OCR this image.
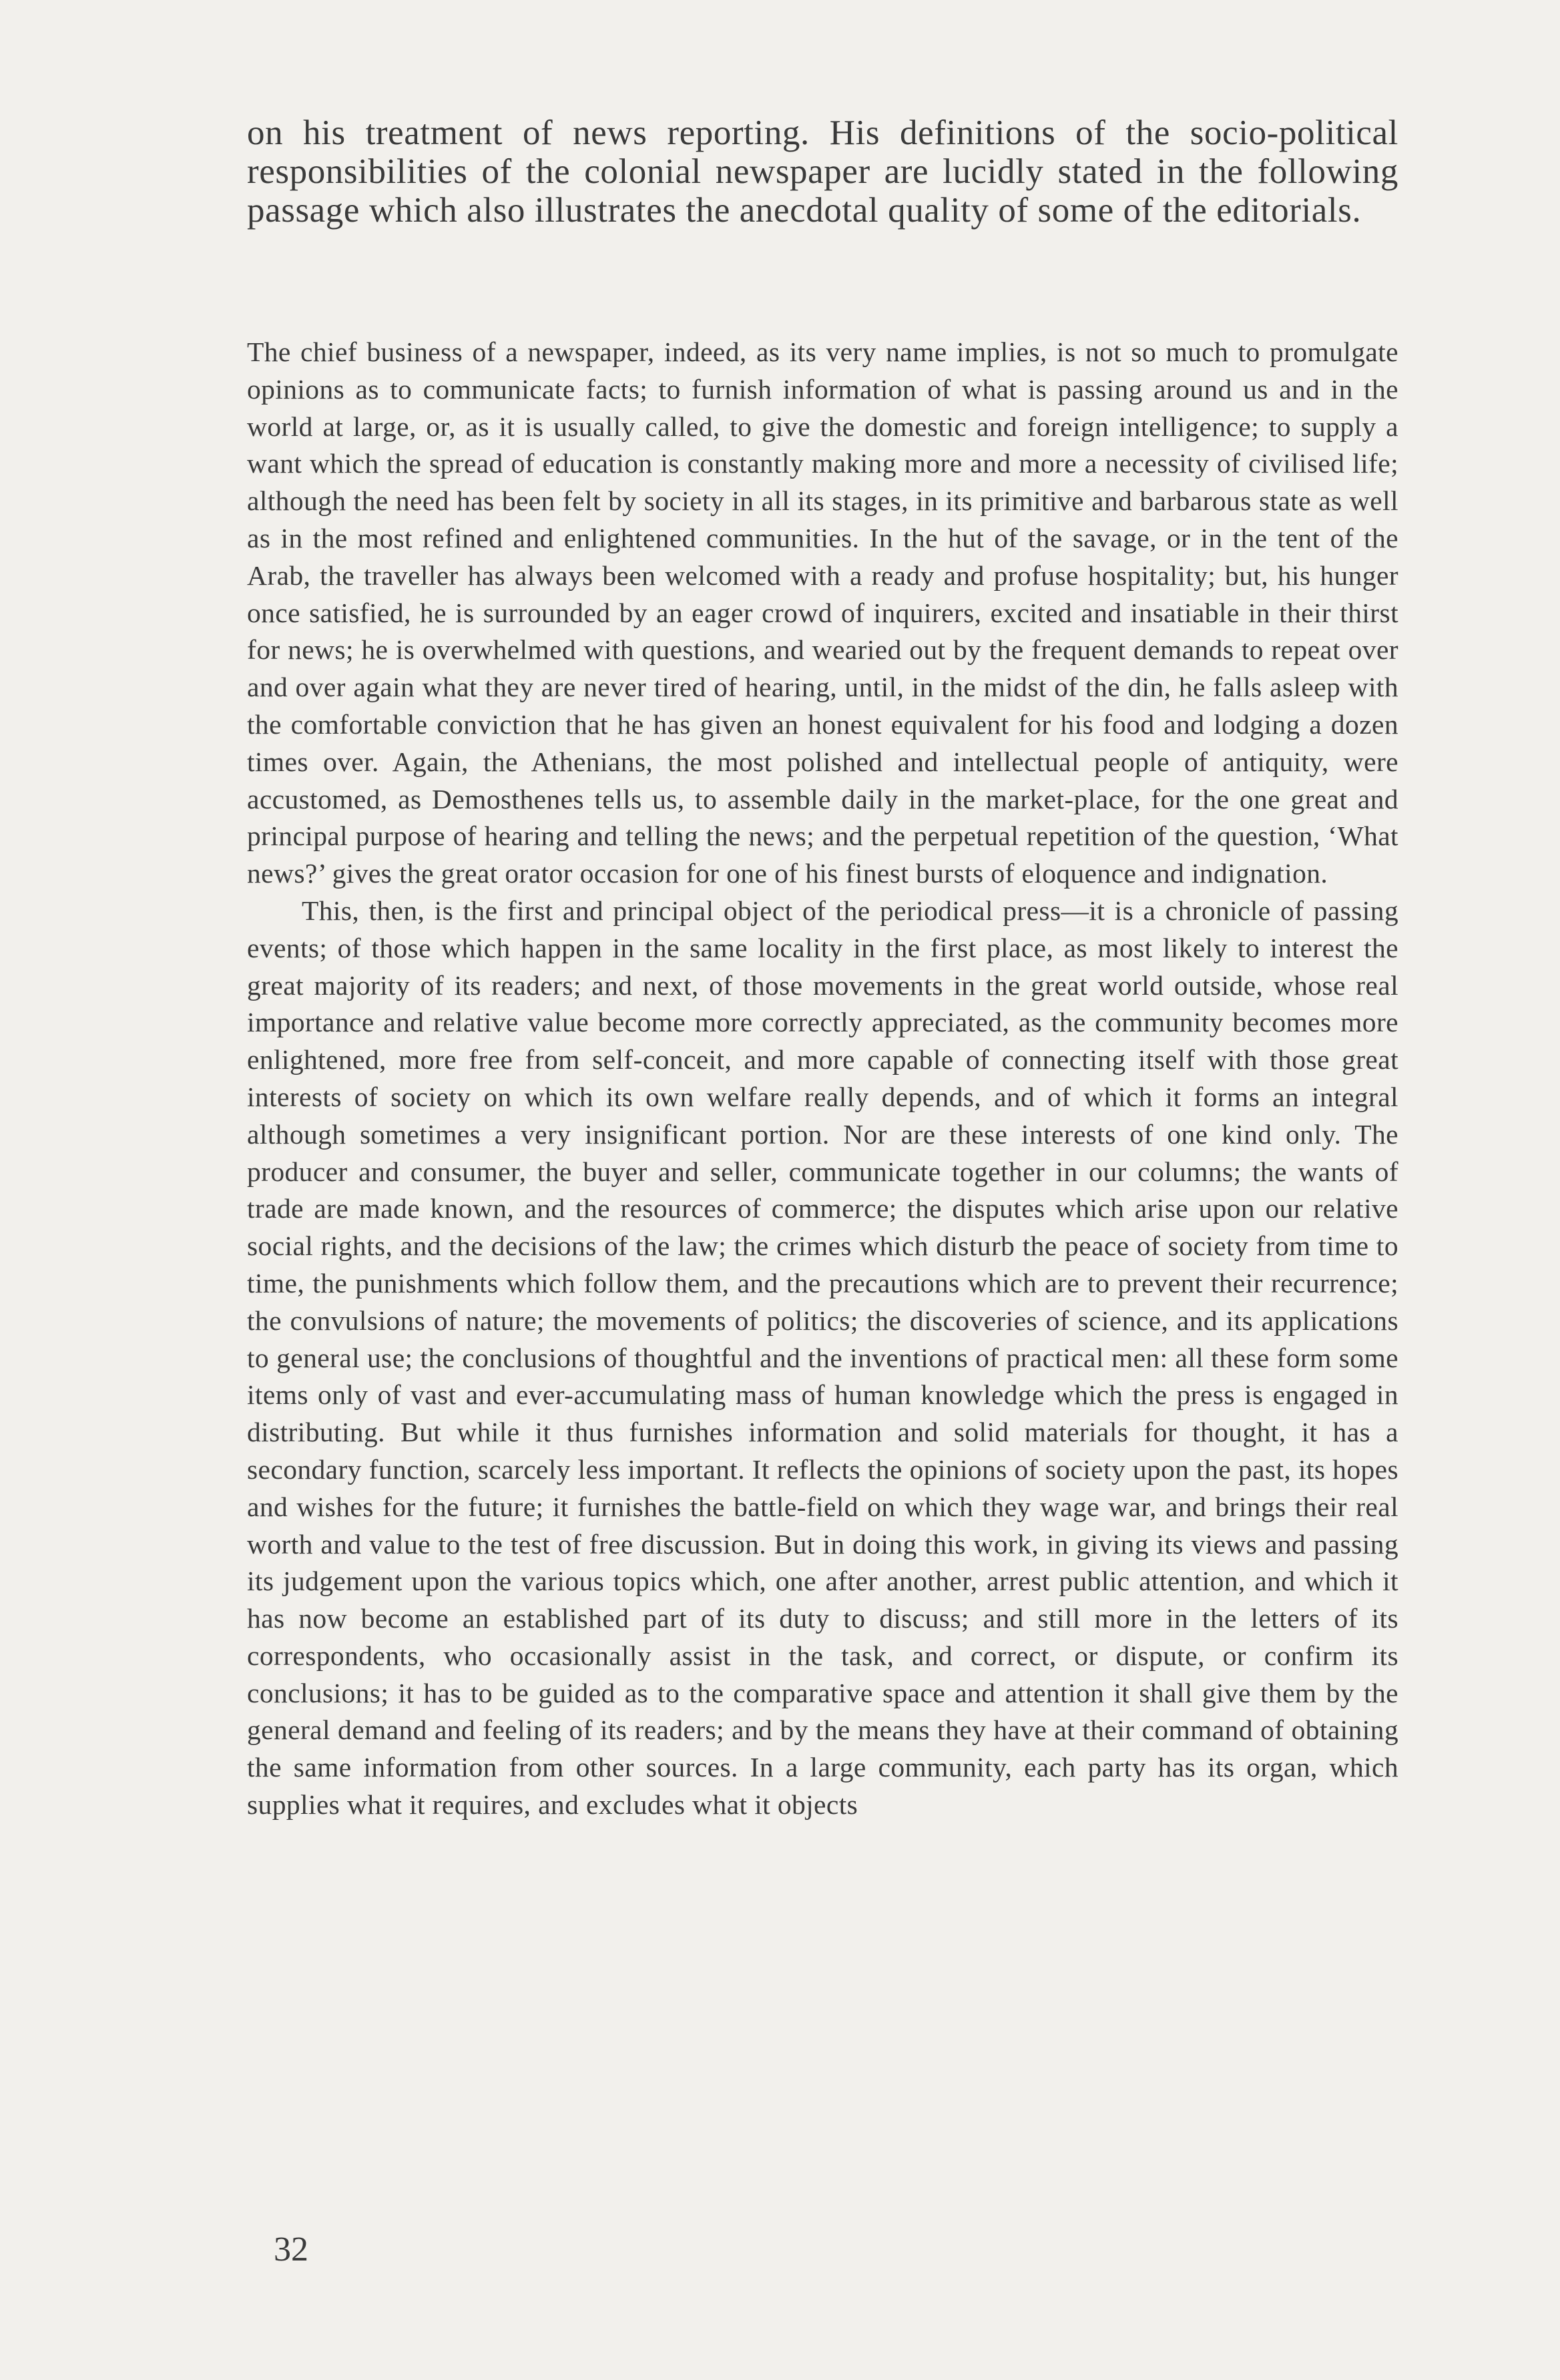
on his treatment of news reporting. His definitions of the socio-political responsibilities of the colonial newspaper are lucidly stated in the following passage which also illustrates the anecdotal quality of some of the editorials.

The chief business of a newspaper, indeed, as its very name implies, is not so much to promulgate opinions as to communicate facts; to furnish information of what is passing around us and in the world at large, or, as it is usually called, to give the domestic and foreign intelligence; to supply a want which the spread of education is constantly making more and more a necessity of civilised life; although the need has been felt by society in all its stages, in its primitive and barbarous state as well as in the most refined and enlightened communities. In the hut of the savage, or in the tent of the Arab, the traveller has always been welcomed with a ready and profuse hospitality; but, his hunger once satisfied, he is surrounded by an eager crowd of inquirers, excited and insatiable in their thirst for news; he is overwhelmed with questions, and wearied out by the frequent demands to repeat over and over again what they are never tired of hearing, until, in the midst of the din, he falls asleep with the comfortable conviction that he has given an honest equivalent for his food and lodging a dozen times over. Again, the Athenians, the most polished and intellectual people of antiquity, were accustomed, as Demosthenes tells us, to assemble daily in the market-place, for the one great and principal purpose of hearing and telling the news; and the perpetual repetition of the question, ‘What news?’ gives the great orator occasion for one of his finest bursts of eloquence and indignation.

This, then, is the first and principal object of the periodical press—it is a chronicle of passing events; of those which happen in the same locality in the first place, as most likely to interest the great majority of its readers; and next, of those movements in the great world outside, whose real importance and relative value become more correctly appreciated, as the community becomes more enlightened, more free from self-conceit, and more capable of connecting itself with those great interests of society on which its own welfare really depends, and of which it forms an integral although sometimes a very insignificant portion. Nor are these interests of one kind only. The producer and consumer, the buyer and seller, communicate together in our columns; the wants of trade are made known, and the resources of commerce; the disputes which arise upon our relative social rights, and the decisions of the law; the crimes which disturb the peace of society from time to time, the punishments which follow them, and the precautions which are to prevent their recurrence; the convulsions of nature; the movements of politics; the discoveries of science, and its applications to general use; the conclusions of thoughtful and the inventions of practical men: all these form some items only of vast and ever-accumulating mass of human knowledge which the press is engaged in distributing. But while it thus furnishes information and solid materials for thought, it has a secondary function, scarcely less important. It reflects the opinions of society upon the past, its hopes and wishes for the future; it furnishes the battle-field on which they wage war, and brings their real worth and value to the test of free discussion. But in doing this work, in giving its views and passing its judgement upon the various topics which, one after another, arrest public attention, and which it has now become an established part of its duty to discuss; and still more in the letters of its correspondents, who occasionally assist in the task, and correct, or dispute, or confirm its conclusions; it has to be guided as to the comparative space and attention it shall give them by the general demand and feeling of its readers; and by the means they have at their command of obtaining the same information from other sources. In a large community, each party has its organ, which supplies what it requires, and excludes what it objects

32
